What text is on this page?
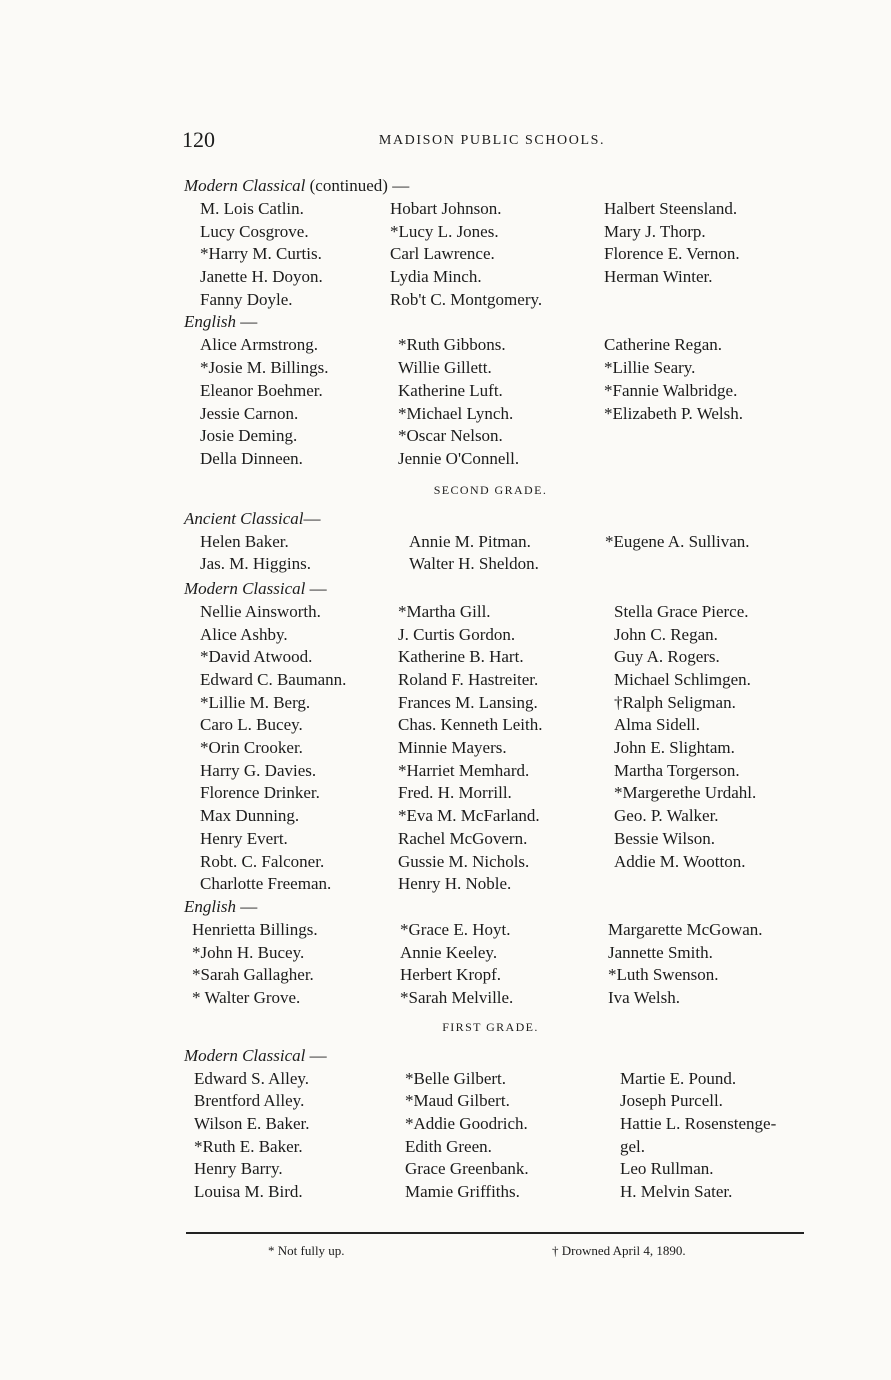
120	MADISON PUBLIC SCHOOLS.
Modern Classical (continued) —
M. Lois Catlin.	Hobart Johnson.	Halbert Steensland.
Lucy Cosgrove.	*Lucy L. Jones.	Mary J. Thorp.
*Harry M. Curtis.	Carl Lawrence.	Florence E. Vernon.
Janette H. Doyon.	Lydia Minch.	Herman Winter.
Fanny Doyle.	Rob't C. Montgomery.
English —
Alice Armstrong.	*Ruth Gibbons.	Catherine Regan.
*Josie M. Billings.	Willie Gillett.	*Lillie Seary.
Eleanor Boehmer.	Katherine Luft.	*Fannie Walbridge.
Jessie Carnon.	*Michael Lynch.	*Elizabeth P. Welsh.
Josie Deming.	*Oscar Nelson.
Della Dinneen.	Jennie O'Connell.
SECOND GRADE.
Ancient Classical—
Helen Baker.	Annie M. Pitman.	*Eugene A. Sullivan.
Jas. M. Higgins.	Walter H. Sheldon.
Modern Classical —
Nellie Ainsworth.	*Martha Gill.	Stella Grace Pierce.
Alice Ashby.	J. Curtis Gordon.	John C. Regan.
*David Atwood.	Katherine B. Hart.	Guy A. Rogers.
Edward C. Baumann.	Roland F. Hastreiter.	Michael Schlimgen.
*Lillie M. Berg.	Frances M. Lansing.	†Ralph Seligman.
Caro L. Bucey.	Chas. Kenneth Leith.	Alma Sidell.
*Orin Crooker.	Minnie Mayers.	John E. Slightam.
Harry G. Davies.	*Harriet Memhard.	Martha Torgerson.
Florence Drinker.	Fred. H. Morrill.	*Margerethe Urdahl.
Max Dunning.	*Eva M. McFarland.	Geo. P. Walker.
Henry Evert.	Rachel McGovern.	Bessie Wilson.
Robt. C. Falconer.	Gussie M. Nichols.	Addie M. Wootton.
Charlotte Freeman.	Henry H. Noble.
English —
Henrietta Billings.	*Grace E. Hoyt.	Margarette McGowan.
*John H. Bucey.	Annie Keeley.	Jannette Smith.
*Sarah Gallagher.	Herbert Kropf.	*Luth Swenson.
* Walter Grove.	*Sarah Melville.	Iva Welsh.
FIRST GRADE.
Modern Classical —
Edward S. Alley.	*Belle Gilbert.	Martie E. Pound.
Brentford Alley.	*Maud Gilbert.	Joseph Purcell.
Wilson E. Baker.	*Addie Goodrich.	Hattie L. Rosenstenge-
*Ruth E. Baker.	Edith Green.	gel.
Henry Barry.	Grace Greenbank.	Leo Rullman.
Louisa M. Bird.	Mamie Griffiths.	H. Melvin Sater.
* Not fully up.	† Drowned April 4, 1890.
